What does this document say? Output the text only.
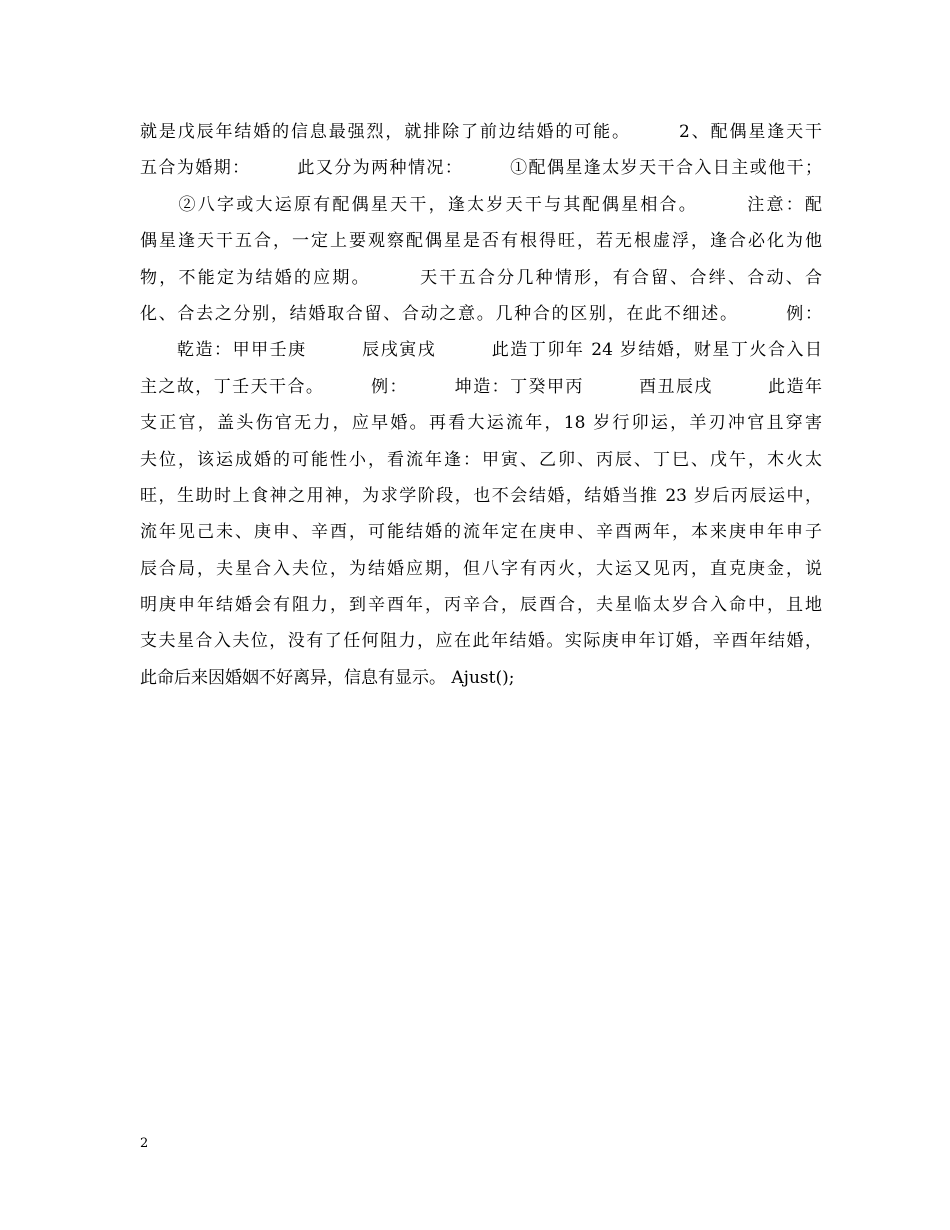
就是戊辰年结婚的信息最强烈，就排除了前边结婚的可能。　　　2、配偶星逢天干
五合为婚期：　　　此又分为两种情况：　　　①配偶星逢太岁天干合入日主或他干；
　　②八字或大运原有配偶星天干，逢太岁天干与其配偶星相合。　　　注意：配
偶星逢天干五合，一定上要观察配偶星是否有根得旺，若无根虚浮，逢合必化为他
物，不能定为结婚的应期。　　　天干五合分几种情形，有合留、合绊、合动、合
化、合去之分别，结婚取合留、合动之意。几种合的区别，在此不细述。　　　例：
　　乾造：甲甲壬庚　　　辰戌寅戌　　　此造丁卯年 24 岁结婚，财星丁火合入日
主之故，丁壬天干合。　　　例：　　　坤造：丁癸甲丙　　　酉丑辰戌　　　此造年
支正官，盖头伤官无力，应早婚。再看大运流年，18 岁行卯运，羊刃冲官且穿害
夫位，该运成婚的可能性小，看流年逢：甲寅、乙卯、丙辰、丁巳、戊午，木火太
旺，生助时上食神之用神，为求学阶段，也不会结婚，结婚当推 23 岁后丙辰运中，
流年见己未、庚申、辛酉，可能结婚的流年定在庚申、辛酉两年，本来庚申年申子
辰合局，夫星合入夫位，为结婚应期，但八字有丙火，大运又见丙，直克庚金，说
明庚申年结婚会有阻力，到辛酉年，丙辛合，辰酉合，夫星临太岁合入命中，且地
支夫星合入夫位，没有了任何阻力，应在此年结婚。实际庚申年订婚，辛酉年结婚，
此命后来因婚姻不好离异，信息有显示。 Ajust();
2
